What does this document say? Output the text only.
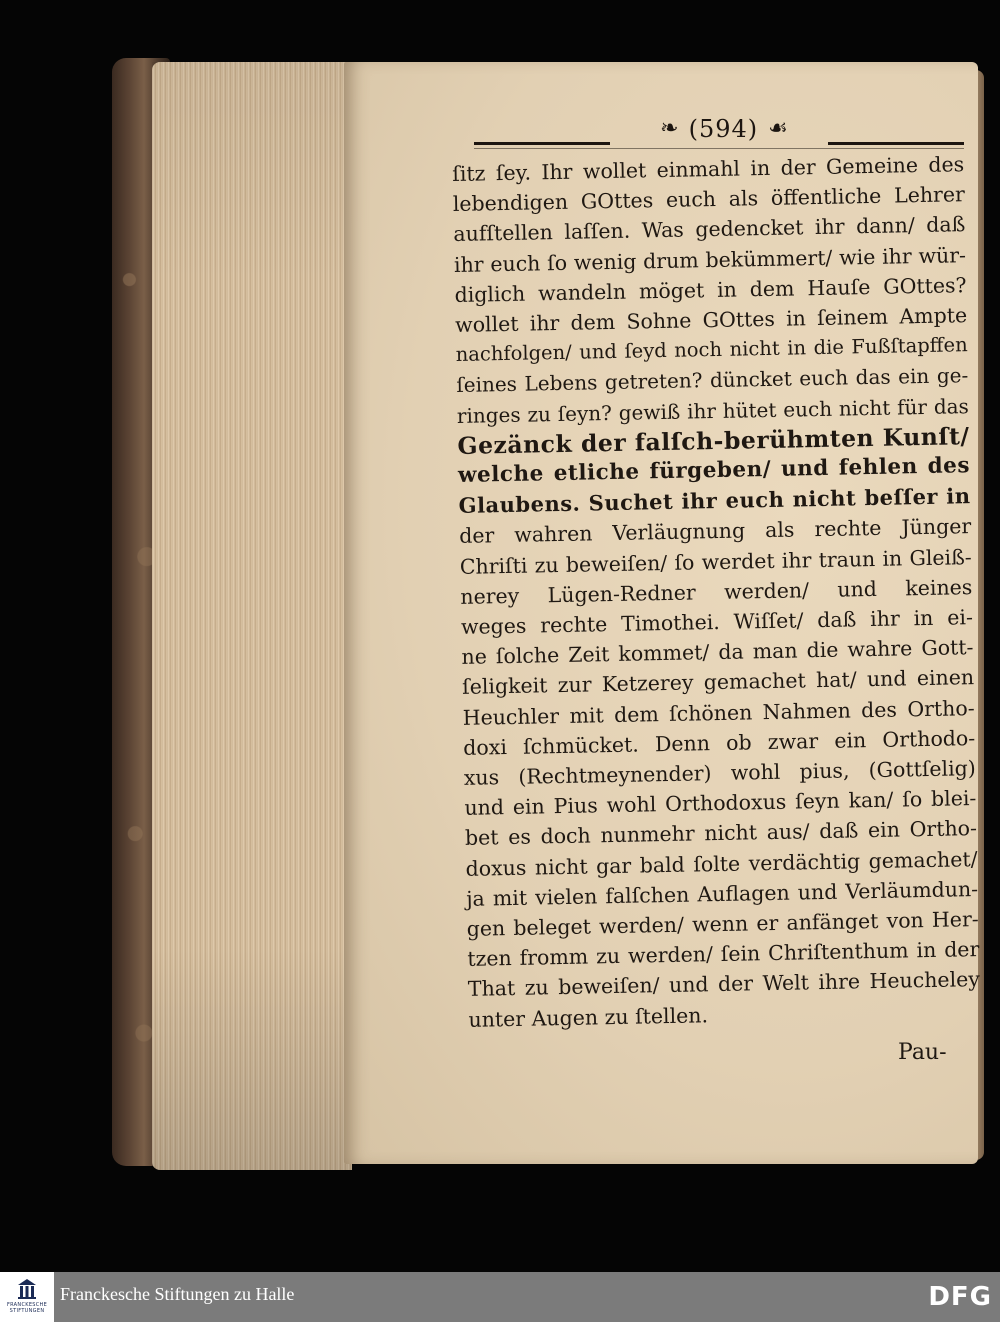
❧ (594) ☙
ſitz ſey. Ihr wollet einmahl in der Gemeine des
lebendigen GOttes euch als öffentliche Lehrer
aufſtellen laſſen. Was gedencket ihr dann/ daß
ihr euch ſo wenig drum bekümmert/ wie ihr wür-
diglich wandeln möget in dem Hauſe GOttes?
wollet ihr dem Sohne GOttes in ſeinem Ampte
nachfolgen/ und ſeyd noch nicht in die Fußſtapffen
ſeines Lebens getreten? düncket euch das ein ge-
ringes zu ſeyn? gewiß ihr hütet euch nicht für das
Gezänck der falſch-berühmten Kunſt/
welche etliche fürgeben/ und fehlen des
Glaubens. Suchet ihr euch nicht beſſer in
der wahren Verläugnung als rechte Jünger
Chriſti zu beweiſen/ ſo werdet ihr traun in Gleiß-
nerey Lügen-Redner werden/ und keines
weges rechte Timothei. Wiſſet/ daß ihr in ei-
ne ſolche Zeit kommet/ da man die wahre Gott-
ſeligkeit zur Ketzerey gemachet hat/ und einen
Heuchler mit dem ſchönen Nahmen des Ortho-
doxi ſchmücket. Denn ob zwar ein Orthodo-
xus (Rechtmeynender) wohl pius, (Gottſelig)
und ein Pius wohl Orthodoxus ſeyn kan/ ſo blei-
bet es doch nunmehr nicht aus/ daß ein Ortho-
doxus nicht gar bald ſolte verdächtig gemachet/
ja mit vielen falſchen Auflagen und Verläumdun-
gen beleget werden/ wenn er anfänget von Her-
tzen fromm zu werden/ ſein Chriſtenthum in der
That zu beweiſen/ und der Welt ihre Heucheley
unter Augen zu ſtellen.
Pau-
FRANCKESCHE STIFTUNGEN
Franckesche Stiftungen zu Halle	DFG
